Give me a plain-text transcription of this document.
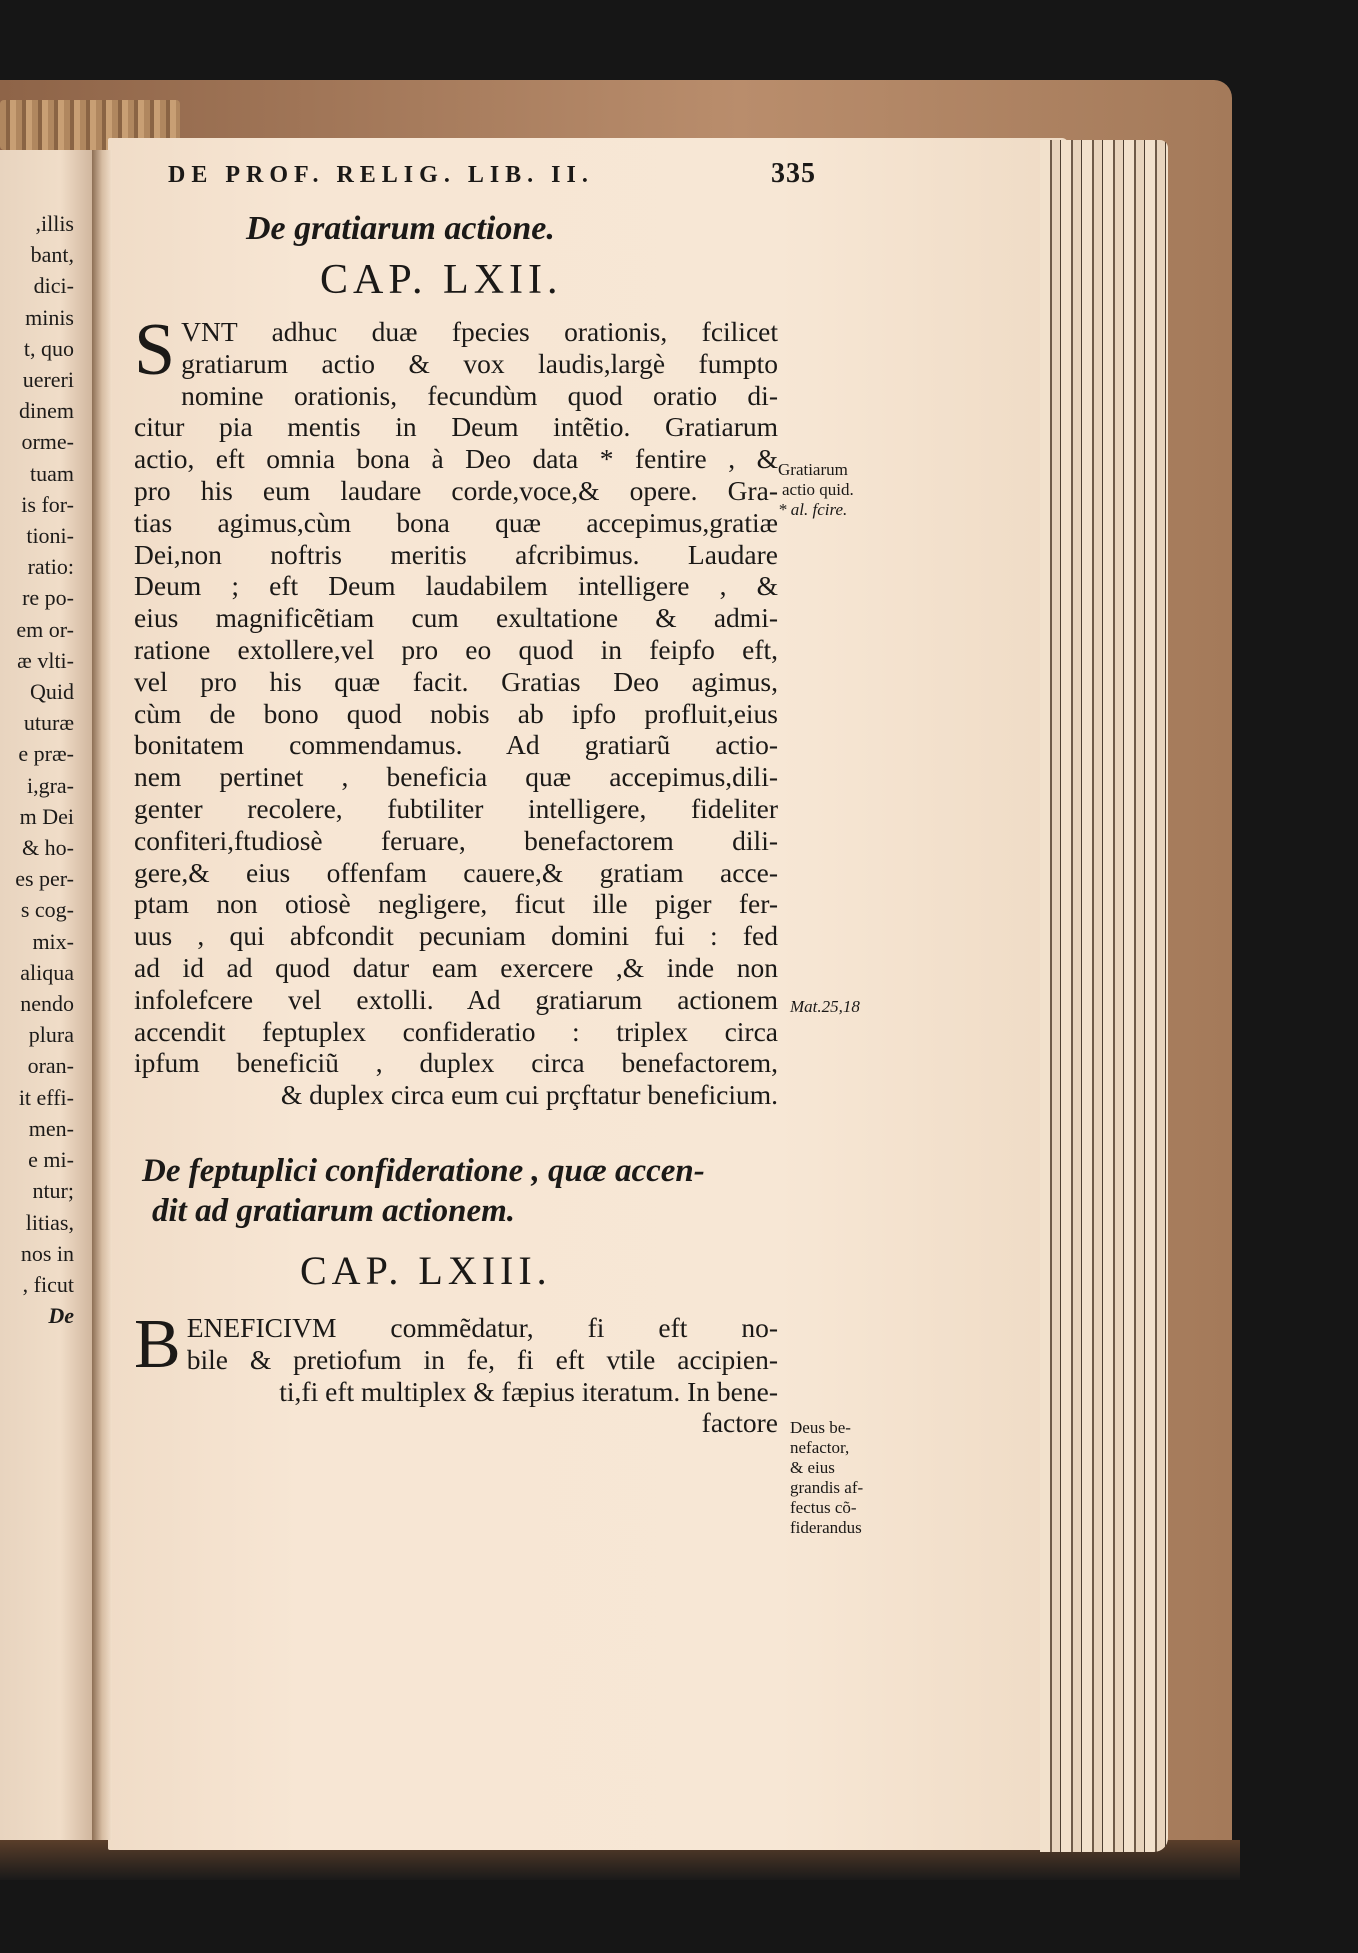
,illis
bant,
dici-
minis
t, quo
uereri
dinem
orme-
tuam
is for-
tioni-
ratio:
re po-
em or-
æ vlti-
Quid
uturæ
e præ-
i,gra-
m Dei
& ho-
es per-
s cog-
mix-
aliqua
nendo
plura
oran-
it effi-
men-
e mi-
ntur;
litias,
nos in
, ficut
De
DE PROF. RELIG. LIB. II.	335
De gratiarum actione.
CAP. LXII.
S VNT adhuc duæ fpecies orationis, fcilicet
gratiarum actio & vox laudis,largè fumpto
nomine orationis, fecundùm quod oratio di-
citur pia mentis in Deum intẽtio. Gratiarum
actio, eft omnia bona à Deo data * fentire , &
pro his eum laudare corde,voce,& opere. Gra-
tias agimus,cùm bona quæ accepimus,gratiæ
Dei,non noftris meritis afcribimus. Laudare
Deum ; eft Deum laudabilem intelligere , &
eius magnificẽtiam cum exultatione & admi-
ratione extollere,vel pro eo quod in feipfo eft,
vel pro his quæ facit. Gratias Deo agimus,
cùm de bono quod nobis ab ipfo profluit,eius
bonitatem commendamus. Ad gratiarũ actio-
nem pertinet , beneficia quæ accepimus,dili-
genter recolere, fubtiliter intelligere, fideliter
confiteri,ftudiosè feruare, benefactorem dili-
gere,& eius offenfam cauere,& gratiam acce-
ptam non otiosè negligere, ficut ille piger fer-
uus , qui abfcondit pecuniam domini fui : fed
ad id ad quod datur eam exercere ,& inde non
infolefcere vel extolli. Ad gratiarum actionem
accendit feptuplex confideratio : triplex circa
ipfum beneficiũ , duplex circa benefactorem,
& duplex circa eum cui prçftatur beneficium.
De feptuplici confideratione , quæ accen-
dit ad gratiarum actionem.
CAP. LXIII.
B ENEFICIVM commẽdatur, fi eft no-
bile & pretiofum in fe, fi eft vtile accipien-
ti,fi eft multiplex & fæpius iteratum. In bene-
factore
Gratiarum
actio quid.
* al. fcire.
Mat.25,18
Deus be-
nefactor,
& eius
grandis af-
fectus cõ-
fiderandus
